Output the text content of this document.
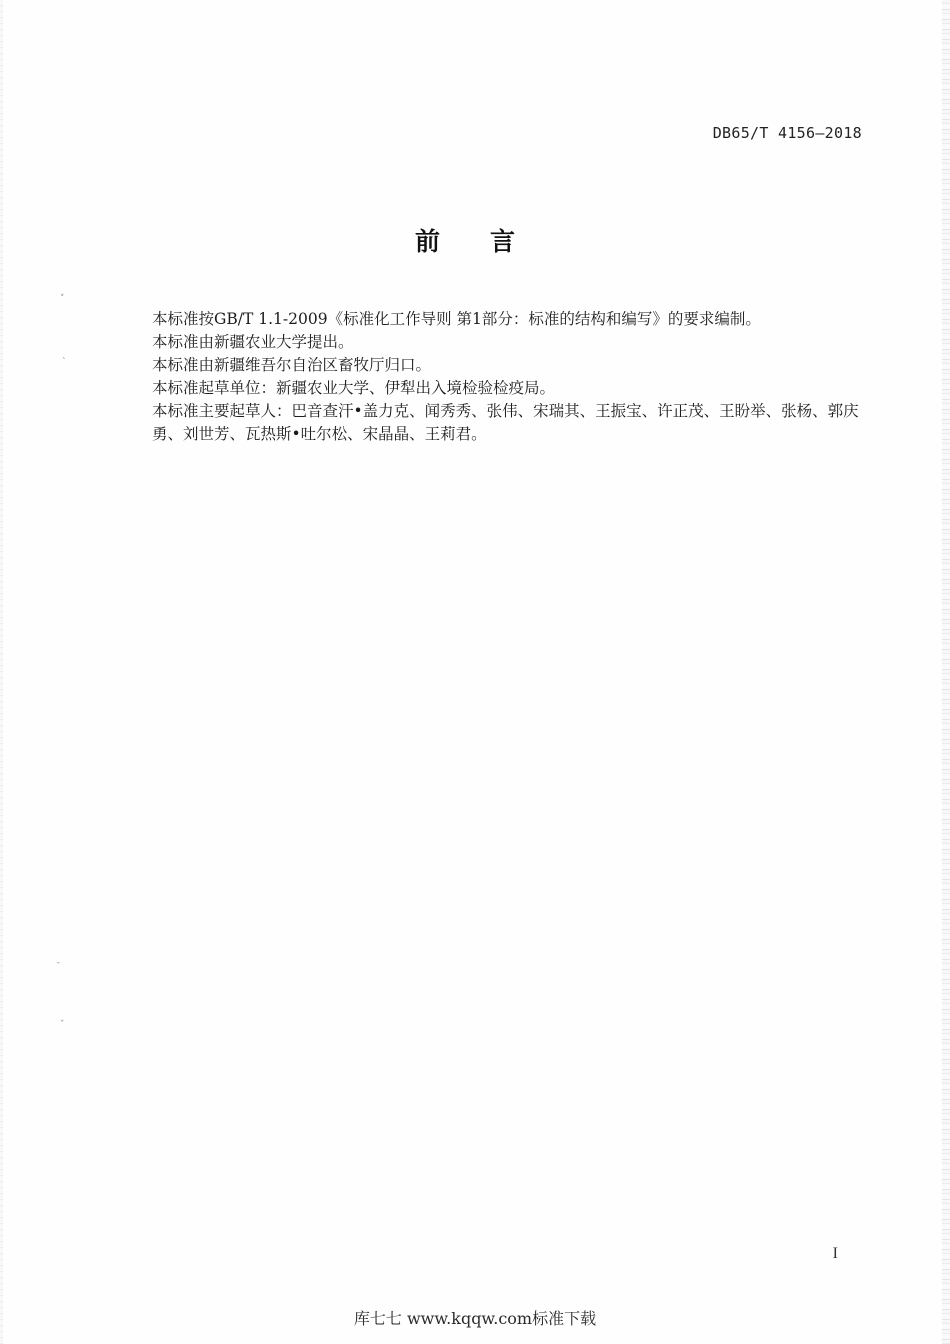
DB65/T 4156—2018
前言

本标准按GB/T 1.1-2009《标准化工作导则 第1部分：标准的结构和编写》的要求编制。

本标准由新疆农业大学提出。

本标准由新疆维吾尔自治区畜牧厅归口。

本标准起草单位：新疆农业大学、伊犁出入境检验检疫局。

本标准主要起草人：巴音查汗•盖力克、闻秀秀、张伟、宋瑞其、王振宝、许正茂、王盼举、张杨、郭庆勇、刘世芳、瓦热斯•吐尔松、宋晶晶、王莉君。

˅
ˎ
ˉ
ˇ
I
库七七 www.kqqw.com标准下载
